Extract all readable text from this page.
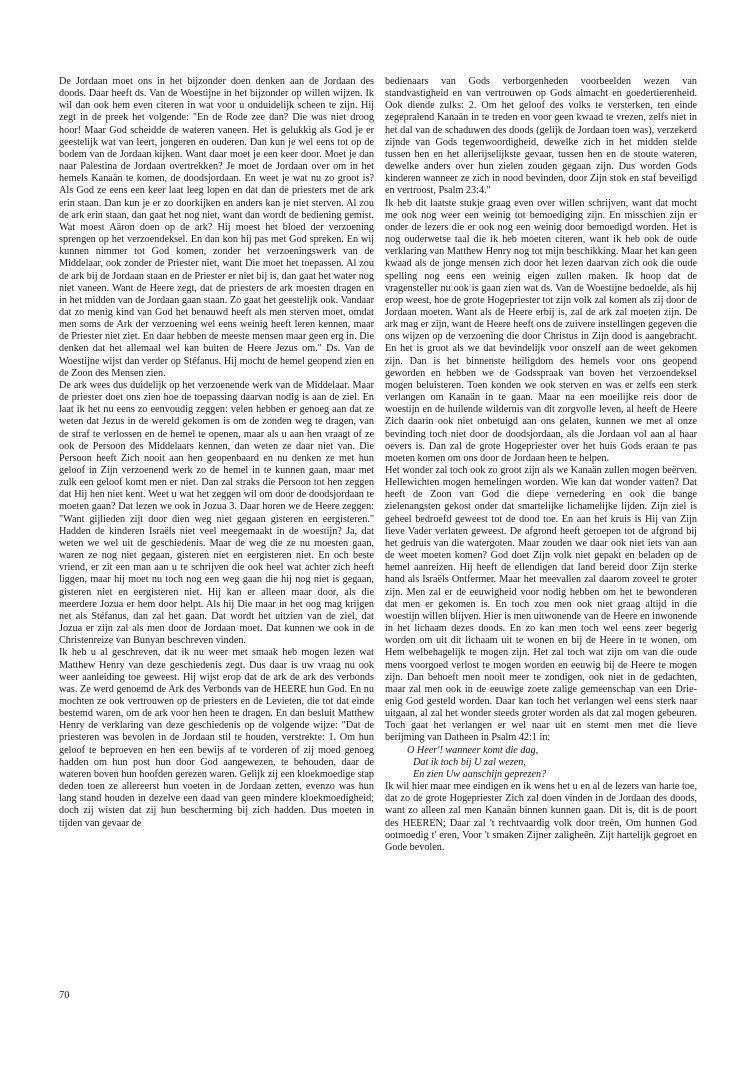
De Jordaan moet ons in het bijzonder doen denken aan de Jordaan des doods. Daar heeft ds. Van de Woestijne in het bijzonder op willen wijzen. Ik wil dan ook hem even citeren in wat voor u onduidelijk scheen te zijn. Hij zegt in de preek het volgende: "En de Rode zee dan? Die was niet droog hoor! Maar God scheidde de wateren vaneen. Het is gelukkig als God je er geestelijk wat van leert, jongeren en ouderen. Dan kun je wel eens tot op de bodem van de Jordaan kijken. Want daar moet je een keer door. Moet je dan naar Palestina de Jordaan overtrekken? Je moet de Jordaan over om in het hemels Kanaän te komen, de doodsjordaan. En weet je wat nu zo groot is? Als God ze eens een keer laat leeg lopen en dat dan de priesters met de ark erin staan. Dan kun je er zo doorkijken en anders kan je niet sterven. Al zou de ark erin staan, dan gaat het nog niet, want dan wordt de bediening gemist. Wat moest Aäron doen op de ark? Hij moest het bloed der verzoening sprengen op het verzoendeksel. En dan kon hij pas met God spreken. En wij kunnen nimmer tot God komen, zonder het verzoeningswerk van de Middelaar, ook zonder de Priester niet, want Die moet het toepassen. Al zou de ark bij de Jordaan staan en de Priester er niet bij is, dan gaat het water nog niet vaneen. Want de Heere zegt, dat de priesters de ark moesten dragen en in het midden van de Jordaan gaan staan. Zo gaat het geestelijk ook. Vandaar dat zo menig kind van God het benauwd heeft als men sterven moet, omdat men soms de Ark der verzoening wel eens weinig heeft leren kennen, maar de Priester niet ziet. En daar hebben de meeste mensen maar geen erg in. Die denken dat het allemaal wel kan buiten de Heere Jezus om." Ds. Van de Woestijne wijst dan verder op Stéfanus. Hij mocht de hemel geopend zien en de Zoon des Mensen zien.

De ark wees dus duidelijk op het verzoenende werk van de Middelaar. Maar de priester doet ons zien hoe de toepassing daarvan nodig is aan de ziel. En laat ik het nu eens zo eenvoudig zeggen: velen hebben er genoeg aan dat ze weten dat Jezus in de wereld gekomen is om de zonden weg te dragen, van de straf te verlossen en de hemel te openen, maar als u aan hen vraagt of ze ook de Persoon des Middelaars kennen, dan weten ze daar niet van. Die Persoon heeft Zich nooit aan hen geopenbaard en nu denken ze met hun geloof in Zijn verzoenend werk zo de hemel in te kunnen gaan, maar met zulk een geloof komt men er niet. Dan zal straks die Persoon tot hen zeggen dat Hij hen niet kent. Weet u wat het zeggen wil om door de doodsjordaan te moeten gaan? Dat lezen we ook in Jozua 3. Daar horen we de Heere zeggen: "Want gijlieden zijt door dien weg niet gegaan gisteren en eergisteren." Hadden de kinderen Israëls niet veel meegemaakt in de woestijn? Ja, dat weten we wel uit de geschiedenis. Maar de weg die ze nu moesten gaan, waren ze nog niet gegaan, gisteren niet en eergisteren niet. En och beste vriend, er zit een man aan u te schrijven die ook heel wat achter zich heeft liggen, maar hij moet nu toch nog een weg gaan die hij nog niet is gegaan, gisteren niet en eergisteren niet. Hij kan er alleen maar door, als die meerdere Jozua er hem door helpt. Als hij Die maar in het oog mag krijgen net als Stéfanus, dan zal het gaan. Dat wordt het uitzien van de ziel, dat Jozua er zijn zal als men door de Jordaan moet. Dat kunnen we ook in de Christenreize van Bunyan beschreven vinden.

Ik heb u al geschreven, dat ik nu weer met smaak heb mogen lezen wat Matthew Henry van deze geschiedenis zegt. Dus daar is uw vraag nu ook weer aanleiding toe geweest. Hij wijst erop dat de ark de ark des verbonds was. Ze werd genoemd de Ark des Verbonds van de HEERE hun God. En nu mochten ze ook vertrouwen op de priesters en de Levieten, die tot dat einde bestemd waren, om de ark voor hen heen te dragen. En dan besluit Matthew Henry de verklaring van deze geschiedenis op de volgende wijze: "Dat de priesteren was bevolen in de Jordaan stil te houden, verstrekte: 1. Om hun geloof te beproeven en hen een bewijs af te vorderen of zij moed genoeg hadden om hun post hun door God aangewezen, te behouden, daar de wateren boven hun hoofden gerezen waren. Gelijk zij een kloekmoedige stap deden toen ze allereerst hun voeten in de Jordaan zetten, evenzo was hun lang stand houden in dezelve een daad van geen mindere kloekmoedigheid; doch zij wisten dat zij hun bescherming bij zich hadden. Dus moeten in tijden van gevaar de

bedienaars van Gods verborgenheden voorbeelden wezen van standvastigheid en van vertrouwen op Gods almacht en goedertierenheid. Ook diende zulks: 2. Om het geloof des volks te versterken, ten einde zegepralend Kanaän in te treden en voor geen kwaad te vrezen, zelfs niet in het dal van de schaduwen des doods (gelijk de Jordaan toen was), verzekerd zijnde van Gods tegenwoordigheid, dewelke zich in het midden stelde tussen hen en het allerijselijkste gevaar, tussen hen en de stoute wateren, dewelke anders over hun zielen zouden gegaan zijn. Dus worden Gods kinderen wanneer ze zich in nood bevinden, door Zijn stok en staf beveiligd en vertroost, Psalm 23:4."

Ik heb dit laatste stukje graag even over willen schrijven, want dat mocht me ook nog weer een weinig tot bemoediging zijn. En misschien zijn er onder de lezers die er ook nog een weinig door bemoedigd worden. Het is nog ouderwetse taal die ik heb moeten citeren, want ik heb ook de oude verklaring van Matthew Henry nog tot mijn beschikking. Maar het kan geen kwaad als de jonge mensen zich door het lezen daarvan zich ook die oude spelling nog eens een weinig eigen zullen maken. Ik hoop dat de vragensteller nu ook is gaan zien wat ds. Van de Woestijne bedoelde, als hij erop weest, hoe de grote Hogepriester tot zijn volk zal komen als zij door de Jordaan moeten. Want als de Heere erbij is, zal de ark zal moeten zijn. De ark mag er zijn, want de Heere heeft ons de zuivere instellingen gegeven die ons wijzen op de verzoening die door Christus in Zijn dood is aangebracht. En het is groot als we dat bevindelijk voor onszelf aan de weet gekomen zijn. Dan is het binnenste heiligdom des hemels voor ons geopend geworden en hebben we de Godsspraak van boven het verzoendeksel mogen beluisteren. Toen konden we ook sterven en was er zelfs een sterk verlangen om Kanaän in te gaan. Maar na een moeilijke reis door de woestijn en de huilende wildernis van dit zorgvolle leven, al heeft de Heere Zich daarin ook niet onbetuigd aan ons gelaten, kunnen we met al onze bevinding toch niet door de doodsjordaan, als die Jordaan vol aan al haar oevers is. Dan zal de grote Hogepriester over het huis Gods eraan te pas moeten komen om ons door de Jordaan heen te helpen.

Het wonder zal toch ook zo groot zijn als we Kanaän zullen mogen beërven. Hellewichten mogen hemelingen worden. Wie kan dat wonder vatten? Dat heeft de Zoon van God die diepe vernedering en ook die bange zielenangsten gekost onder dat smartelijke lichamelijke lijden. Zijn ziel is geheel bedroefd geweest tot de dood toe. En aan het kruis is Hij van Zijn lieve Vader verlaten geweest. De afgrond heeft geroepen tot de afgrond bij het gedruis van die watergoten. Maar zouden we daar ook niet iets van aan de weet moeten komen? God doet Zijn volk niet gepakt en beladen op de hemel aanreizen. Hij heeft de ellendigen dat land bereid door Zijn sterke hand als Israëls Ontfermer. Maar het meevallen zal daarom zoveel te groter zijn. Men zal er de eeuwigheid voor nodig hebben om het te bewonderen dat men er gekomen is. En toch zou men ook niet graag altijd in die woestijn willen blijven. Hier is men uitwonende van de Heere en inwonende in het lichaam dezes doods. En zo kan men toch wel eens zeer begerig worden om uit dit lichaam uit te wonen en bij de Heere in te wonen, om Hem welbehagelijk te mogen zijn. Het zal toch wat zijn om van die oude mens voorgoed verlost te mogen worden en eeuwig bij de Heere te mogen zijn. Dan behoeft men nooit meer te zondigen, ook niet in de gedachten, maar zal men ook in de eeuwige zoete zalige gemeenschap van een Drie-enig God gesteld worden. Daar kan toch het verlangen wel eens sterk naar uitgaan, al zal het wonder steeds groter worden als dat zal mogen gebeuren. Toch gaat het verlangen er wel naar uit en stemt men met die lieve berijming van Datheen in Psalm 42:1 in:

O Heer'! wanneer komt die dag,
Dat ik toch bij U zal wezen,
En zien Uw aanschijn geprezen?

Ik wil hier maar mee eindigen en ik wens het u en al de lezers van harte toe, dat zo de grote Hogepriester Zich zal doen vinden in de Jordaan des doods, want zo alleen zal men Kanaän binnen kunnen gaan. Dit is, dit is de poort des HEEREN; Daar zal 't rechtvaardig volk door treên, Om hunnen God ootmoedig t' eren, Voor 't smaken Zijner zaligheên. Zijt hartelijk gegroet en Gode bevolen.

70
